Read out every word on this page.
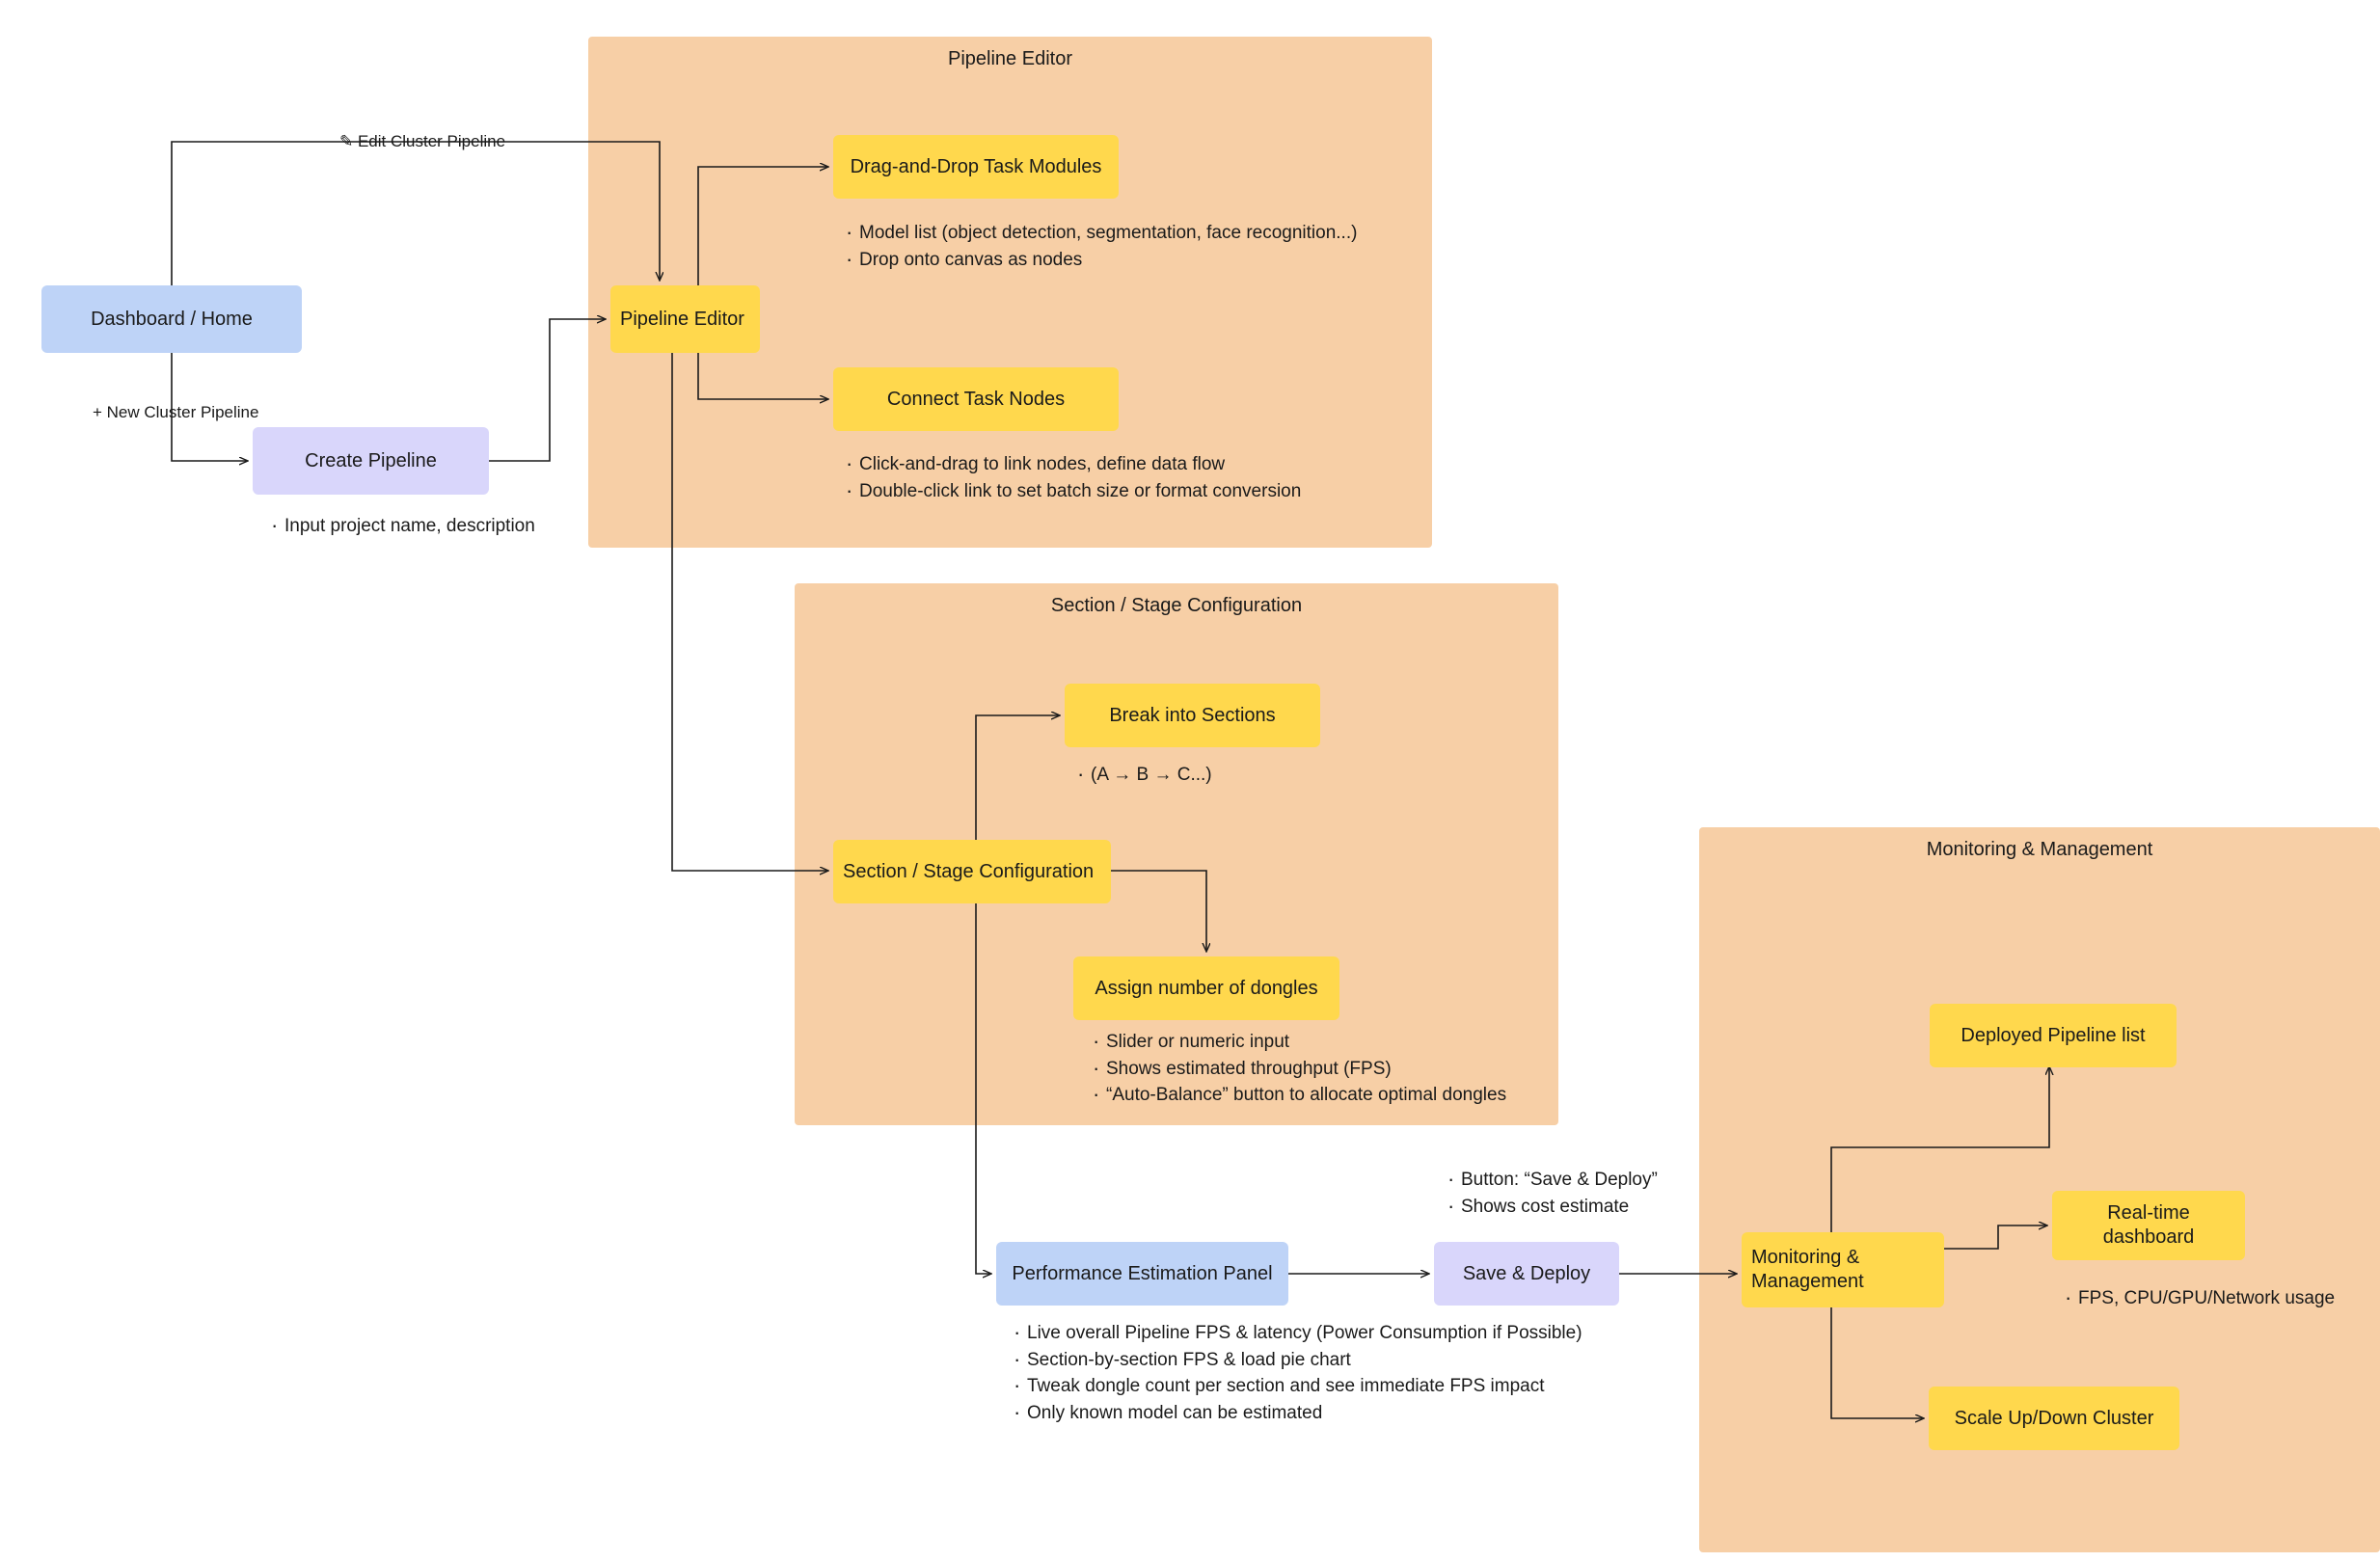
Pipeline Editor
Section / Stage Configuration
Monitoring & Management
Dashboard / Home
Create Pipeline
Pipeline Editor
Drag-and-Drop Task Modules
Connect Task Nodes
Section / Stage Configuration
Break into Sections
Assign number of dongles
Performance Estimation Panel	Save & Deploy
Monitoring & Management
Deployed Pipeline list
Real-time dashboard
Scale Up/Down Cluster
✎ Edit Cluster Pipeline
+ New Cluster Pipeline
· Model list (object detection, segmentation, face recognition...)
· Drop onto canvas as nodes
· Click-and-drag to link nodes, define data flow
· Double-click link to set batch size or format conversion
· Input project name, description
· (A → B → C...)
· Slider or numeric input
· Shows estimated throughput (FPS)
· “Auto-Balance” button to allocate optimal dongles
· Button: “Save & Deploy”
· Shows cost estimate
· Live overall Pipeline FPS & latency (Power Consumption if Possible)
· Section-by-section FPS & load pie chart
· Tweak dongle count per section and see immediate FPS impact
· Only known model can be estimated
· FPS, CPU/GPU/Network usage
